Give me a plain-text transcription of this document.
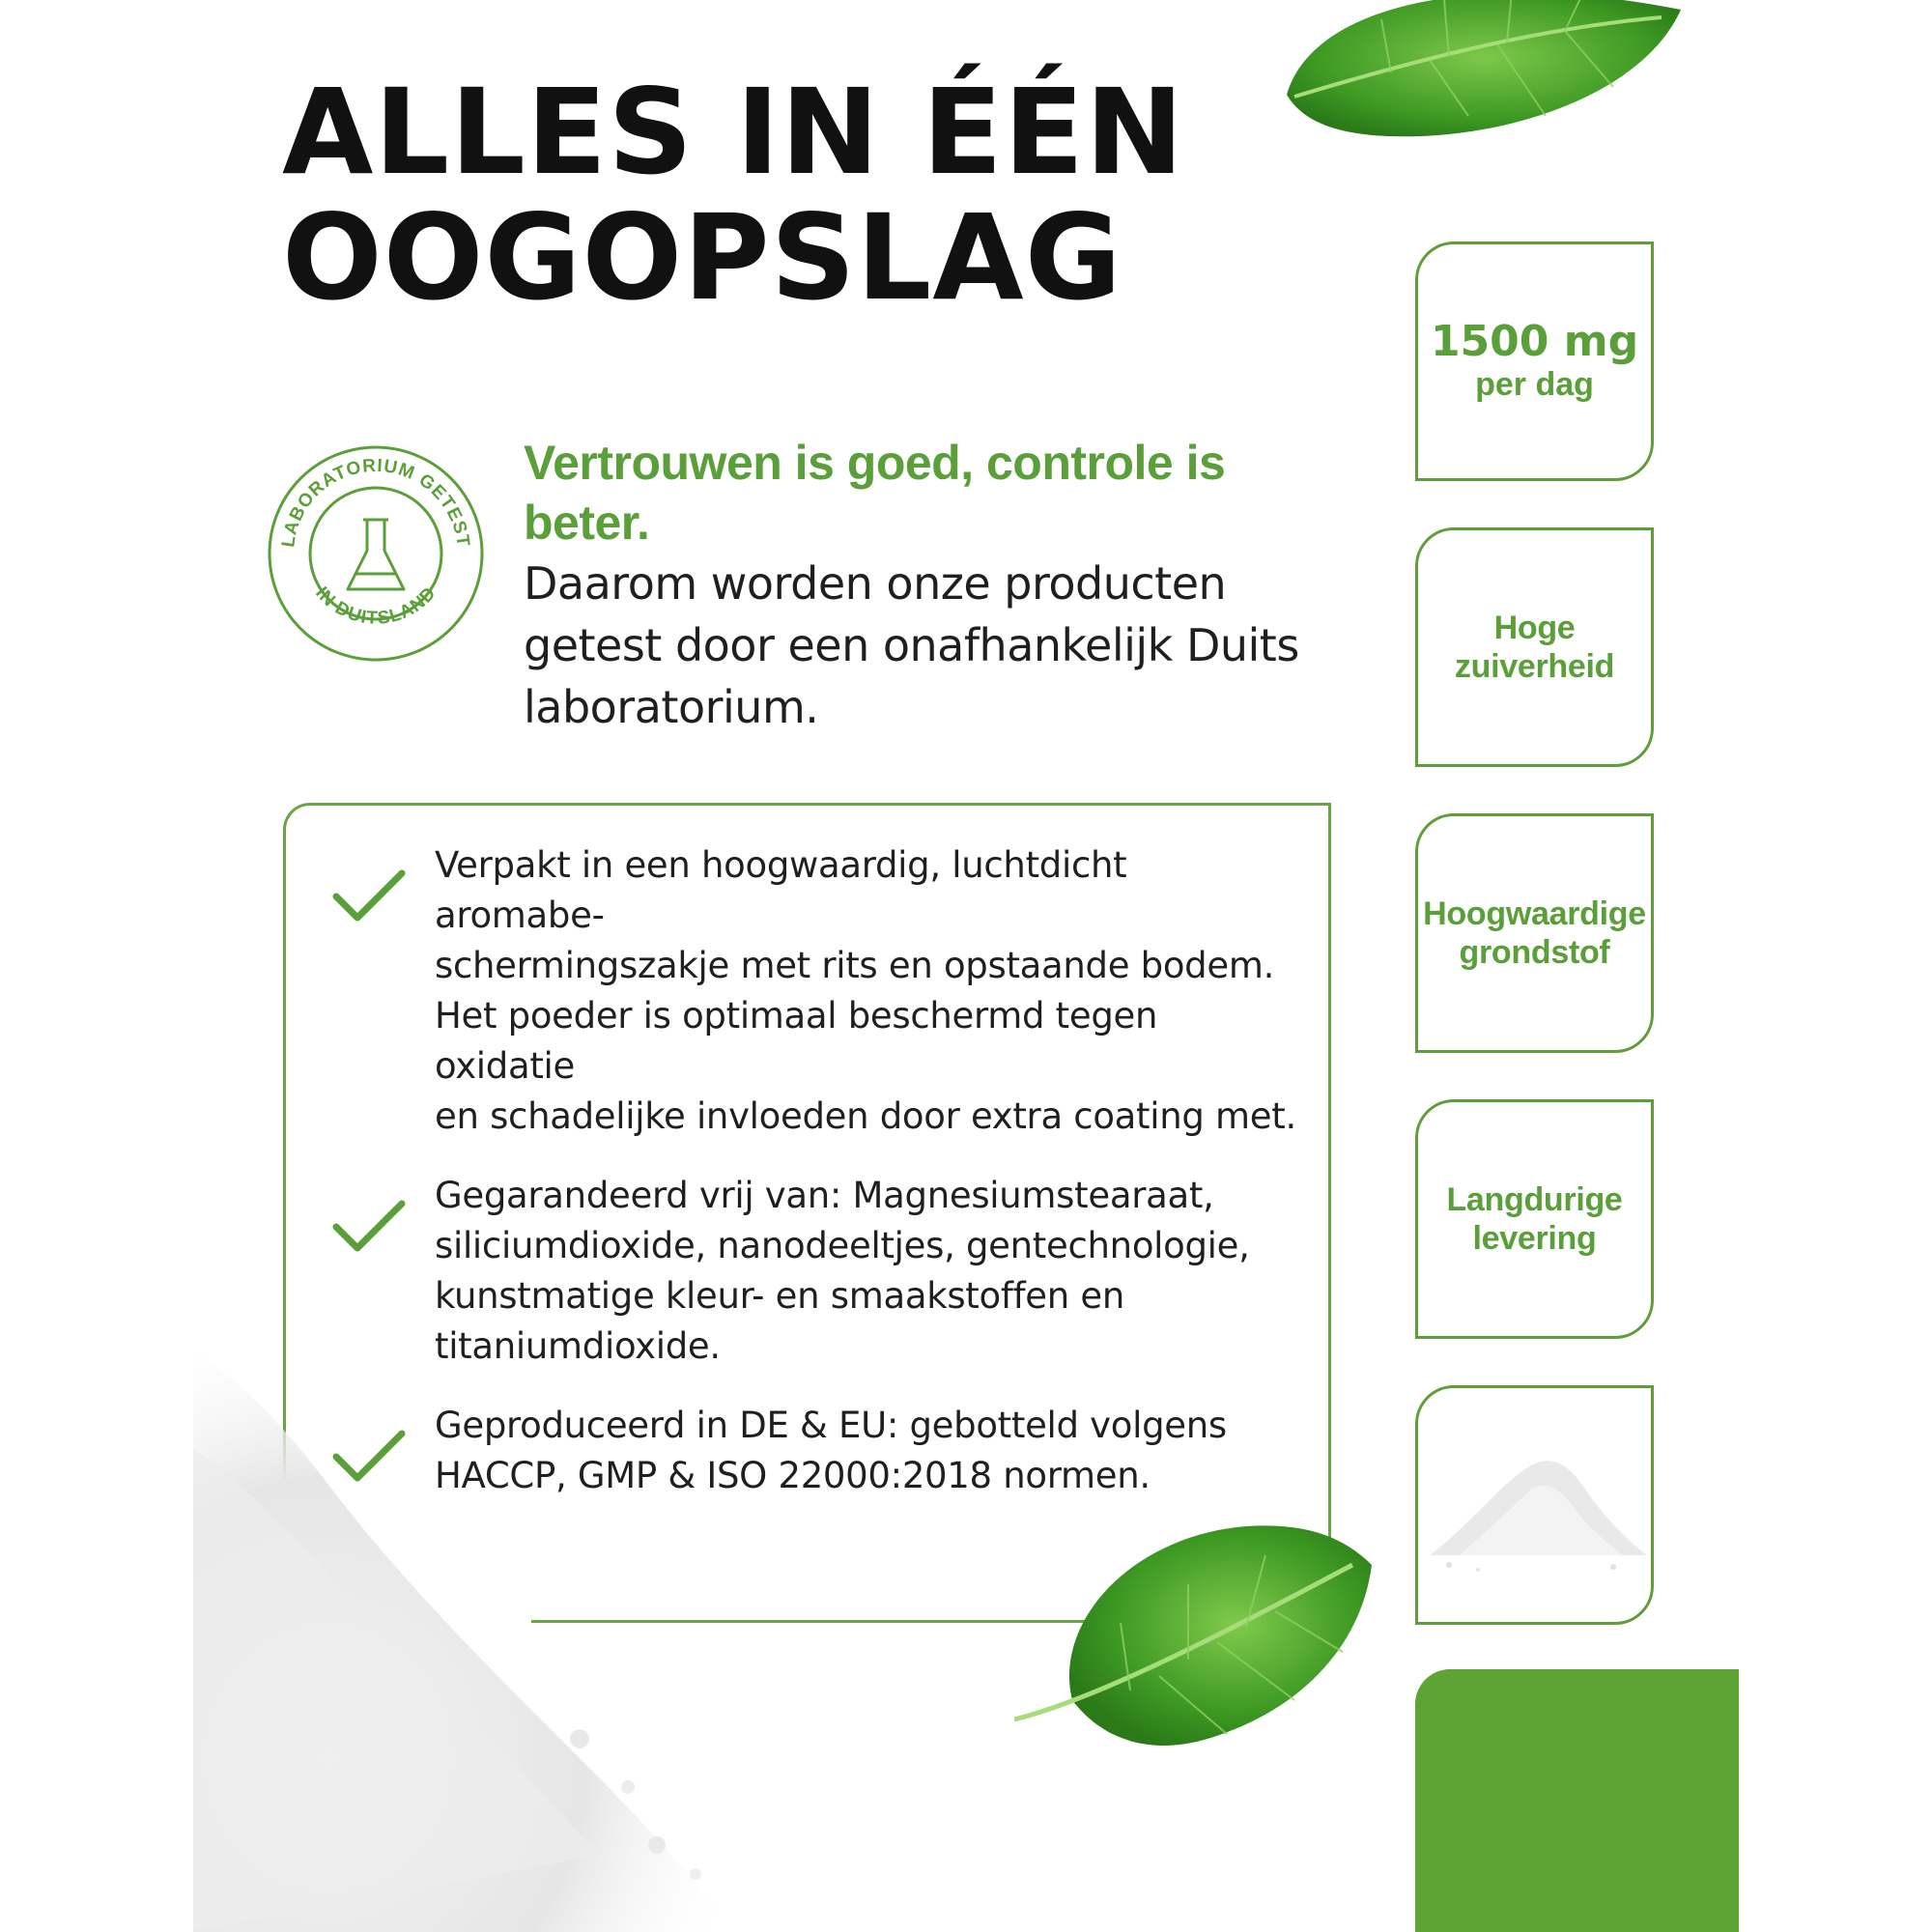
ALLES IN ÉÉN
OOGOPSLAG
LABORATORIUM GETEST
IN DUITSLAND
Vertrouwen is goed, controle is beter.
Daarom worden onze producten
getest door een onafhankelijk Duits
laboratorium.
Verpakt in een hoogwaardig, luchtdicht aromabe-
schermingszakje met rits en opstaande bodem.
Het poeder is optimaal beschermd tegen oxidatie
en schadelijke invloeden door extra coating met.
Gegarandeerd vrij van: Magnesiumstearaat,
siliciumdioxide, nanodeeltjes, gentechnologie,
kunstmatige kleur- en smaakstoffen en
titaniumdioxide.
Geproduceerd in DE & EU: gebotteld volgens
HACCP, GMP & ISO 22000:2018 normen.
1500 mg
per dag
Hoge
zuiverheid
Hoogwaardige
grondstof
Langdurige
levering
